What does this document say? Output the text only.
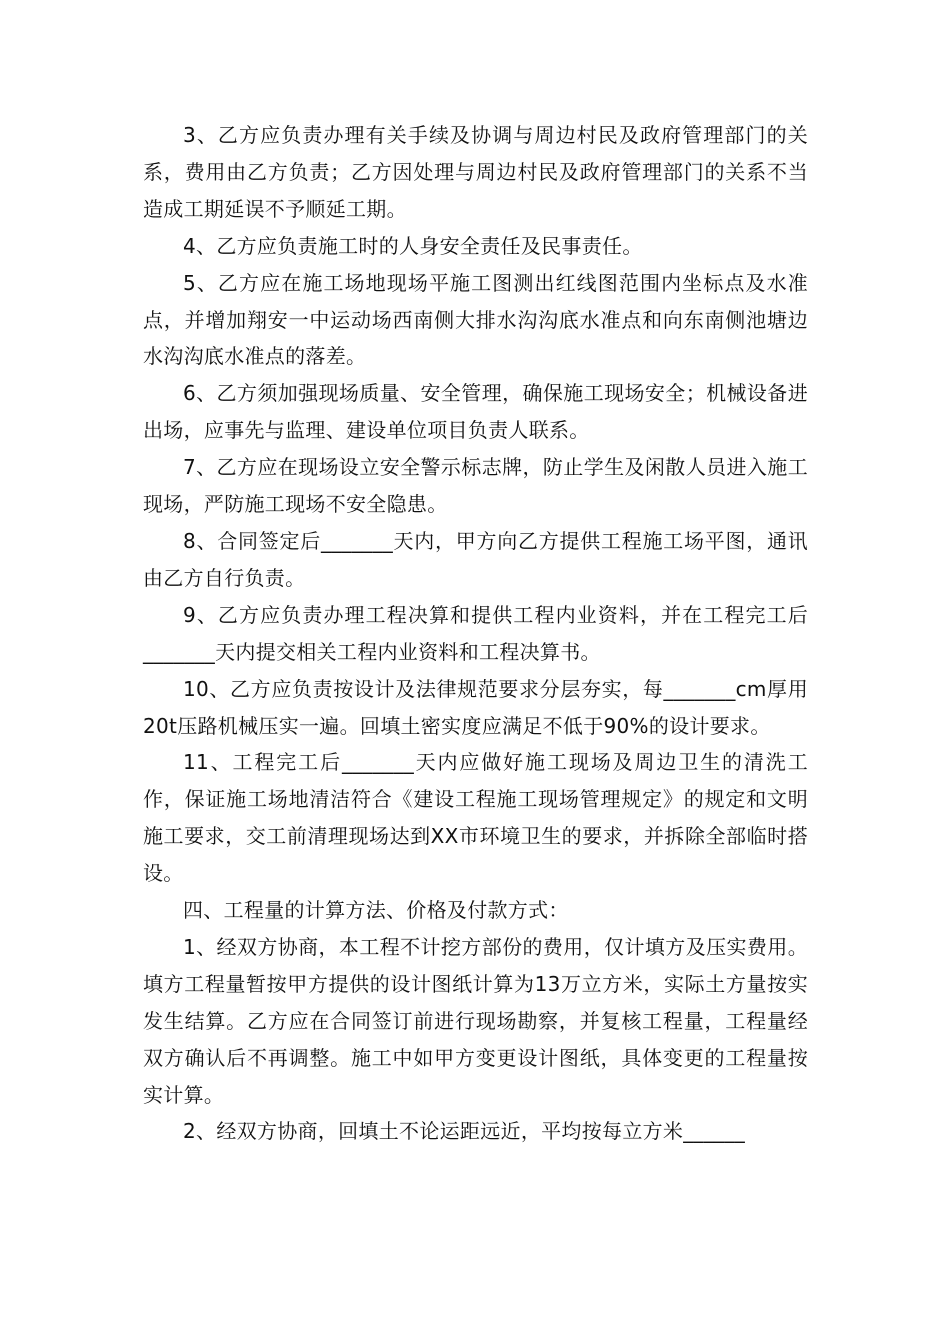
3、乙方应负责办理有关手续及协调与周边村民及政府管理部门的关系，费用由乙方负责；乙方因处理与周边村民及政府管理部门的关系不当造成工期延误不予顺延工期。

4、乙方应负责施工时的人身安全责任及民事责任。

5、乙方应在施工场地现场平施工图测出红线图范围内坐标点及水准点，并增加翔安一中运动场西南侧大排水沟沟底水准点和向东南侧池塘边水沟沟底水准点的落差。

6、乙方须加强现场质量、安全管理，确保施工现场安全；机械设备进出场，应事先与监理、建设单位项目负责人联系。

7、乙方应在现场设立安全警示标志牌，防止学生及闲散人员进入施工现场，严防施工现场不安全隐患。

8、合同签定后_______天内，甲方向乙方提供工程施工场平图，通讯由乙方自行负责。

9、乙方应负责办理工程决算和提供工程内业资料，并在工程完工后_______天内提交相关工程内业资料和工程决算书。

10、乙方应负责按设计及法律规范要求分层夯实，每_______cm厚用20t压路机械压实一遍。回填土密实度应满足不低于90%的设计要求。

11、工程完工后_______天内应做好施工现场及周边卫生的清洗工作，保证施工场地清洁符合《建设工程施工现场管理规定》的规定和文明施工要求，交工前清理现场达到XX市环境卫生的要求，并拆除全部临时搭设。

四、工程量的计算方法、价格及付款方式：

1、经双方协商，本工程不计挖方部份的费用，仅计填方及压实费用。填方工程量暂按甲方提供的设计图纸计算为13万立方米，实际土方量按实发生结算。乙方应在合同签订前进行现场勘察，并复核工程量，工程量经双方确认后不再调整。施工中如甲方变更设计图纸，具体变更的工程量按实计算。

2、经双方协商，回填土不论运距远近，平均按每立方米______
